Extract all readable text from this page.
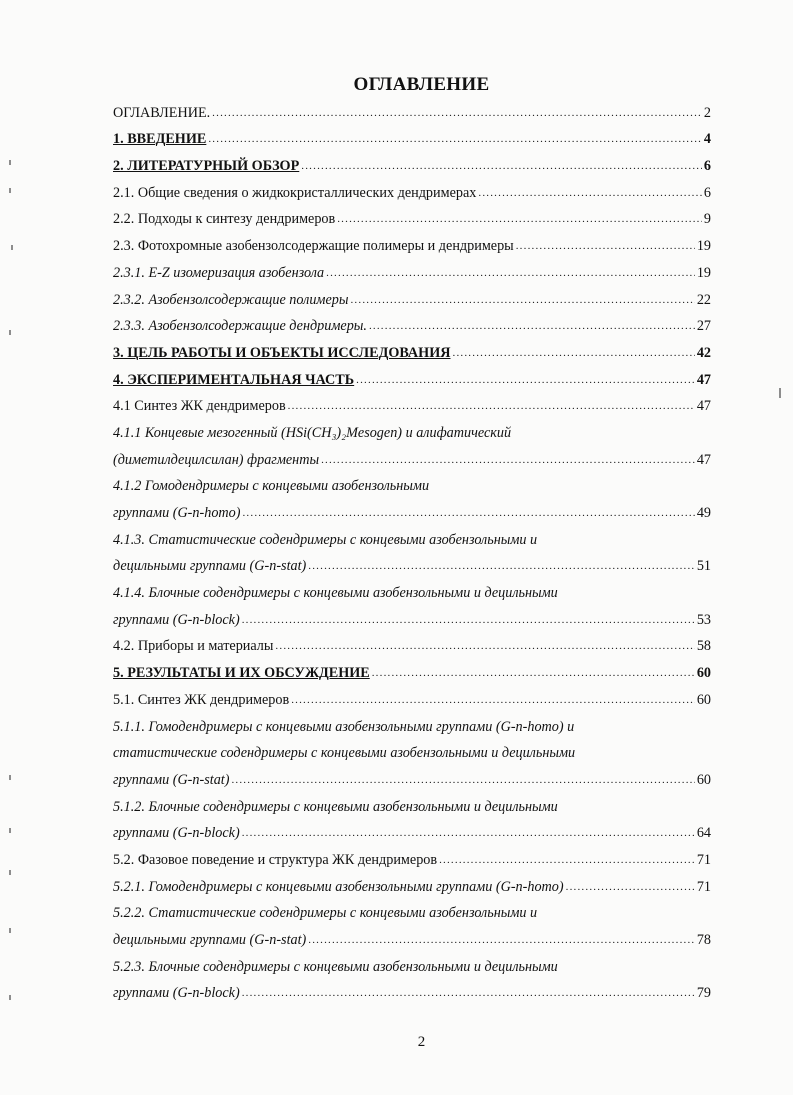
ОГЛАВЛЕНИЕ
ОГЛАВЛЕНИЕ. .....	2
1. ВВЕДЕНИЕ .....	4
2. ЛИТЕРАТУРНЫЙ ОБЗОР .....	6
2.1. Общие сведения о жидкокристаллических дендримерах .....	6
2.2. Подходы к синтезу дендримеров .....	9
2.3. Фотохромные азобензолсодержащие полимеры и дендримеры .....	19
2.3.1. E-Z изомеризация азобензола .....	19
2.3.2. Азобензолсодержащие полимеры .....	22
2.3.3. Азобензолсодержащие дендримеры. .....	27
3. ЦЕЛЬ РАБОТЫ И ОБЪЕКТЫ ИССЛЕДОВАНИЯ .....	42
4. ЭКСПЕРИМЕНТАЛЬНАЯ ЧАСТЬ .....	47
4.1 Синтез ЖК дендримеров .....	47
4.1.1 Концевые мезогенный (HSi(CH₃)₂Mesogen) и алифатический
(диметилдецилсилан) фрагменты .....	47
4.1.2 Гомодендримеры с концевыми азобензольными
группами (G-n-homo) .....	49
4.1.3. Статистические содендримеры с концевыми азобензольными и
децильными группами (G-n-stat) .....	51
4.1.4. Блочные содендримеры с концевыми азобензольными и децильными
группами (G-n-block) .....	53
4.2. Приборы и материалы .....	58
5. РЕЗУЛЬТАТЫ И ИХ ОБСУЖДЕНИЕ .....	60
5.1. Синтез ЖК дендримеров .....	60
5.1.1. Гомодендримеры с концевыми азобензольными группами (G-n-homo) и
статистические содендримеры с концевыми азобензольными и децильными
группами (G-n-stat) .....	60
5.1.2. Блочные содендримеры с концевыми азобензольными и децильными
группами (G-n-block) .....	64
5.2. Фазовое поведение и структура ЖК дендримеров .....	71
5.2.1. Гомодендримеры с концевыми азобензольными группами (G-n-homo) .....	71
5.2.2. Статистические содендримеры с концевыми азобензольными и
децильными группами (G-n-stat) .....	78
5.2.3. Блочные содендримеры с концевыми азобензольными и децильными
группами (G-n-block) .....	79
2
